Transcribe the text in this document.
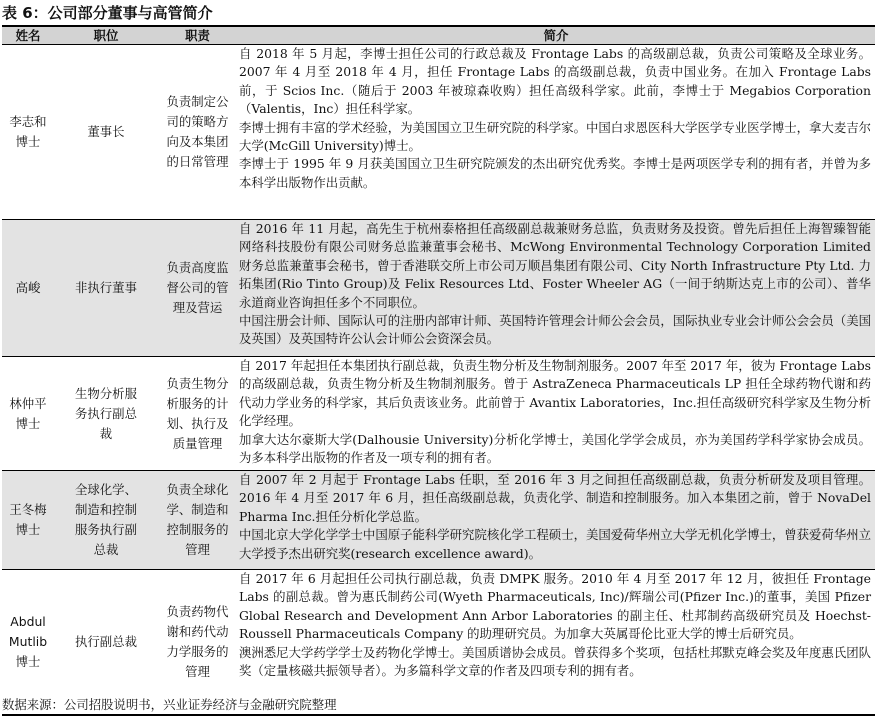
表 6：公司部分董事与高管简介
姓名	职位	职责	简介
李志和博士	董事长	负责制定公司的策略方向及本集团的日常管理	自 2018 年 5 月起，李博士担任公司的行政总裁及 Frontage Labs 的高级副总裁，负责公司策略及全球业务。2007 年 4 月至 2018 年 4 月，担任 Frontage Labs 的高级副总裁，负责中国业务。在加入 Frontage Labs 前，于 Scios Inc.（随后于 2003 年被琼森收购）担任高级科学家。此前，李博士于 Megabios Corporation（Valentis，Inc）担任科学家。

李博士拥有丰富的学术经验，为美国国立卫生研究院的科学家。中国白求恩医科大学医学专业医学博士，拿大麦吉尔大学(McGill University)博士。

李博士于 1995 年 9 月获美国国立卫生研究院颁发的杰出研究优秀奖。李博士是两项医学专利的拥有者，并曾为多本科学出版物作出贡献。

高峻	非执行董事	负责高度监督公司的管理及营运	自 2016 年 11 月起，高先生于杭州泰格担任高级副总裁兼财务总监，负责财务及投资。曾先后担任上海智臻智能网络科技股份有限公司财务总监兼董事会秘书、McWong Environmental Technology Corporation Limited 财务总监兼董事会秘书，曾于香港联交所上市公司万顺昌集团有限公司、City North Infrastructure Pty Ltd. 力拓集团(Rio Tinto Group)及 Felix Resources Ltd、Foster Wheeler AG（一间于纳斯达克上市的公司）、普华永道商业咨询担任多个不同职位。

中国注册会计师、国际认可的注册内部审计师、英国特许管理会计师公会会员，国际执业专业会计师公会会员（美国及英国）及英国特许公认会计师公会资深会员。

林仲平博士	生物分析服务执行副总裁	负责生物分析服务的计划、执行及质量管理	自 2017 年起担任本集团执行副总裁，负责生物分析及生物制剂服务。2007 年至 2017 年，彼为 Frontage Labs 的高级副总裁，负责生物分析及生物制剂服务。曾于 AstraZeneca Pharmaceuticals LP 担任全球药物代谢和药代动力学业务的科学家，其后负责该业务。此前曾于 Avantix Laboratories，Inc.担任高级研究科学家及生物分析化学经理。

加拿大达尔豪斯大学(Dalhousie University)分析化学博士，美国化学学会成员，亦为美国药学科学家协会成员。为多本科学出版物的作者及一项专利的拥有者。

王冬梅博士	全球化学、制造和控制服务执行副总裁	负责全球化学、制造和控制服务的管理	自 2007 年 2 月起于 Frontage Labs 任职，至 2016 年 3 月之间担任高级副总裁，负责分析研发及项目管理。2016 年 4 月至 2017 年 6 月，担任高级副总裁，负责化学、制造和控制服务。加入本集团之前，曾于 NovaDel Pharma Inc.担任分析化学总监。

中国北京大学化学学士中国原子能科学研究院核化学工程硕士，美国爱荷华州立大学无机化学博士，曾获爱荷华州立大学授予杰出研究奖(research excellence award)。

Abdul Mutlib 博士	执行副总裁	负责药物代谢和药代动力学服务的管理	自 2017 年 6 月起担任公司执行副总裁，负责 DMPK 服务。2010 年 4 月至 2017 年 12 月，彼担任 Frontage Labs 的副总裁。曾为惠氏制药公司(Wyeth Pharmaceuticals, Inc)/辉瑞公司(Pfizer Inc.)的董事，美国 Pfizer Global Research and Development Ann Arbor Laboratories 的副主任、杜邦制药高级研究员及 Hoechst-Roussell Pharmaceuticals Company 的助理研究员。为加拿大英属哥伦比亚大学的博士后研究员。

澳洲悉尼大学药学学士及药物化学博士。美国质谱协会成员。曾获得多个奖项，包括杜邦默克峰会奖及年度惠氏团队奖（定量核磁共振领导者）。为多篇科学文章的作者及四项专利的拥有者。

数据来源：公司招股说明书，兴业证券经济与金融研究院整理
